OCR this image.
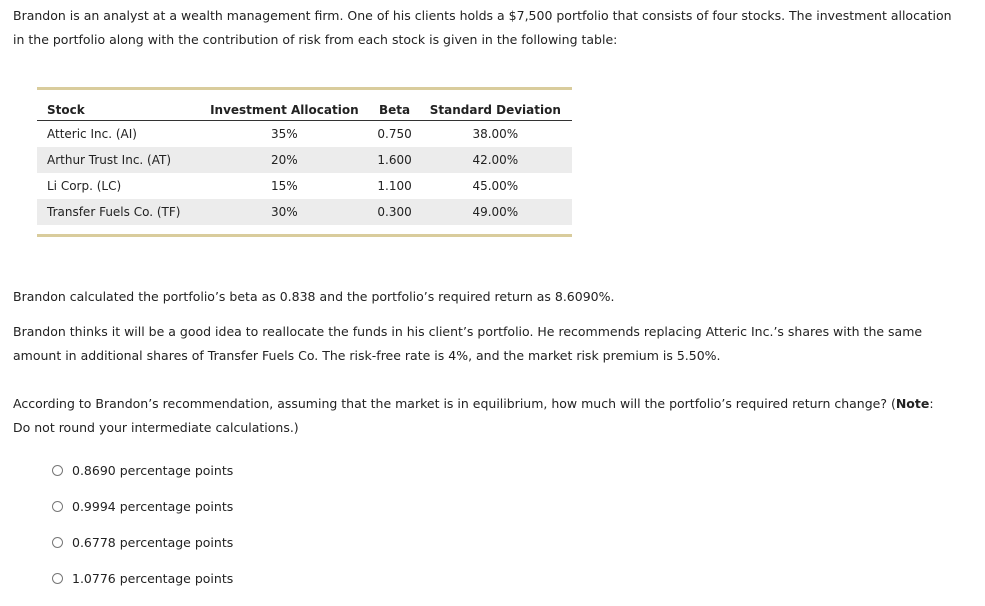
Brandon is an analyst at a wealth management firm. One of his clients holds a $7,500 portfolio that consists of four stocks. The investment allocation in the portfolio along with the contribution of risk from each stock is given in the following table:

Stock	Investment Allocation	Beta	Standard Deviation
Atteric Inc. (AI)	35%	0.750	38.00%
Arthur Trust Inc. (AT)	20%	1.600	42.00%
Li Corp. (LC)	15%	1.100	45.00%
Transfer Fuels Co. (TF)	30%	0.300	49.00%

Brandon calculated the portfolio’s beta as 0.838 and the portfolio’s required return as 8.6090%.

Brandon thinks it will be a good idea to reallocate the funds in his client’s portfolio. He recommends replacing Atteric Inc.’s shares with the same amount in additional shares of Transfer Fuels Co. The risk-free rate is 4%, and the market risk premium is 5.50%.

According to Brandon’s recommendation, assuming that the market is in equilibrium, how much will the portfolio’s required return change? (Note: Do not round your intermediate calculations.)

0.8690 percentage points
0.9994 percentage points
0.6778 percentage points
1.0776 percentage points
